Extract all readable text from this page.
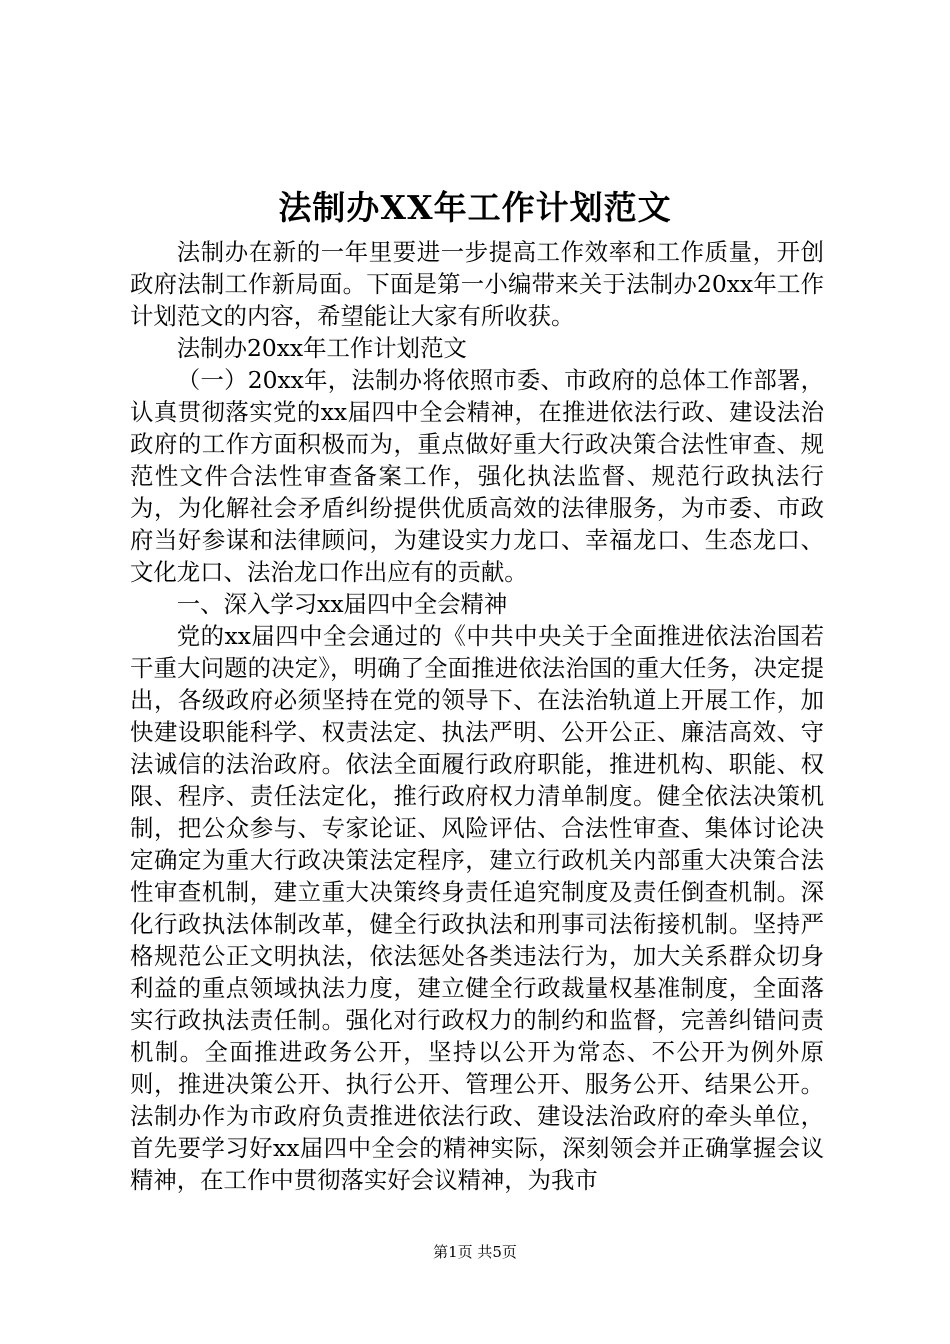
法制办XX年工作计划范文

法制办在新的一年里要进一步提高工作效率和工作质量，开创政府法制工作新局面。下面是第一小编带来关于法制办20xx年工作计划范文的内容，希望能让大家有所收获。

法制办20xx年工作计划范文

（一）20xx年，法制办将依照市委、市政府的总体工作部署，认真贯彻落实党的xx届四中全会精神，在推进依法行政、建设法治政府的工作方面积极而为，重点做好重大行政决策合法性审查、规范性文件合法性审查备案工作，强化执法监督、规范行政执法行为，为化解社会矛盾纠纷提供优质高效的法律服务，为市委、市政府当好参谋和法律顾问，为建设实力龙口、幸福龙口、生态龙口、文化龙口、法治龙口作出应有的贡献。

一、深入学习xx届四中全会精神

党的xx届四中全会通过的《中共中央关于全面推进依法治国若干重大问题的决定》，明确了全面推进依法治国的重大任务，决定提出，各级政府必须坚持在党的领导下、在法治轨道上开展工作，加快建设职能科学、权责法定、执法严明、公开公正、廉洁高效、守法诚信的法治政府。依法全面履行政府职能，推进机构、职能、权限、程序、责任法定化，推行政府权力清单制度。健全依法决策机制，把公众参与、专家论证、风险评估、合法性审查、集体讨论决定确定为重大行政决策法定程序，建立行政机关内部重大决策合法性审查机制，建立重大决策终身责任追究制度及责任倒查机制。深化行政执法体制改革，健全行政执法和刑事司法衔接机制。坚持严格规范公正文明执法，依法惩处各类违法行为，加大关系群众切身利益的重点领域执法力度，建立健全行政裁量权基准制度，全面落实行政执法责任制。强化对行政权力的制约和监督，完善纠错问责机制。全面推进政务公开，坚持以公开为常态、不公开为例外原则，推进决策公开、执行公开、管理公开、服务公开、结果公开。法制办作为市政府负责推进依法行政、建设法治政府的牵头单位，首先要学习好xx届四中全会的精神实际，深刻领会并正确掌握会议精神，在工作中贯彻落实好会议精神，为我市

第1页 共5页
